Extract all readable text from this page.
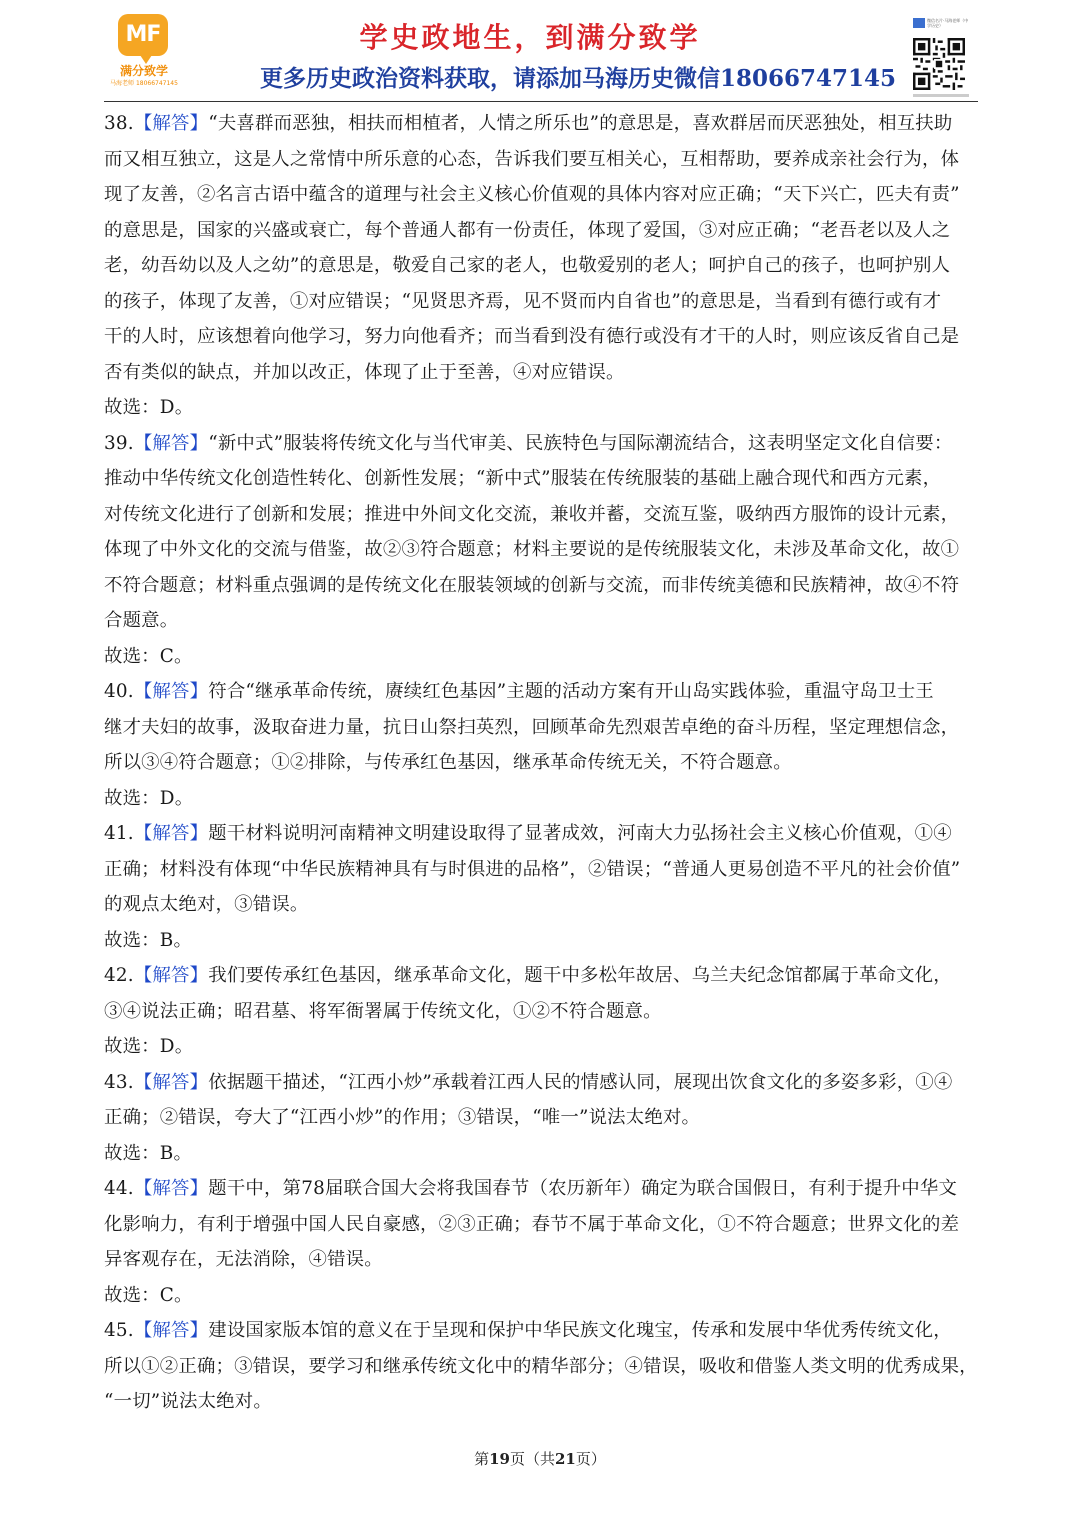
MF
满分致学
马海老师 18066747145
学史政地生，到满分致学
更多历史政治资料获取，请添加马海历史微信18066747145
微信名片·马海老师（中学历史）
38.【解答】“夫喜群而恶独，相扶而相植者，人情之所乐也”的意思是，喜欢群居而厌恶独处，相互扶助
而又相互独立，这是人之常情中所乐意的心态，告诉我们要互相关心，互相帮助，要养成亲社会行为，体
现了友善，②名言古语中蕴含的道理与社会主义核心价值观的具体内容对应正确；“天下兴亡，匹夫有责”
的意思是，国家的兴盛或衰亡，每个普通人都有一份责任，体现了爱国，③对应正确；“老吾老以及人之
老，幼吾幼以及人之幼”的意思是，敬爱自己家的老人，也敬爱别的老人；呵护自己的孩子，也呵护别人
的孩子，体现了友善，①对应错误；“见贤思齐焉，见不贤而内自省也”的意思是，当看到有德行或有才
干的人时，应该想着向他学习，努力向他看齐；而当看到没有德行或没有才干的人时，则应该反省自己是
否有类似的缺点，并加以改正，体现了止于至善，④对应错误。
故选：D。
39.【解答】“新中式”服装将传统文化与当代审美、民族特色与国际潮流结合，这表明坚定文化自信要：
推动中华传统文化创造性转化、创新性发展；“新中式”服装在传统服装的基础上融合现代和西方元素，
对传统文化进行了创新和发展；推进中外间文化交流，兼收并蓄，交流互鉴，吸纳西方服饰的设计元素，
体现了中外文化的交流与借鉴，故②③符合题意；材料主要说的是传统服装文化，未涉及革命文化，故①
不符合题意；材料重点强调的是传统文化在服装领域的创新与交流，而非传统美德和民族精神，故④不符
合题意。
故选：C。
40.【解答】符合“继承革命传统，赓续红色基因”主题的活动方案有开山岛实践体验，重温守岛卫士王
继才夫妇的故事，汲取奋进力量，抗日山祭扫英烈，回顾革命先烈艰苦卓绝的奋斗历程，坚定理想信念，
所以③④符合题意；①②排除，与传承红色基因，继承革命传统无关，不符合题意。
故选：D。
41.【解答】题干材料说明河南精神文明建设取得了显著成效，河南大力弘扬社会主义核心价值观，①④
正确；材料没有体现“中华民族精神具有与时俱进的品格”，②错误；“普通人更易创造不平凡的社会价值”
的观点太绝对，③错误。
故选：B。
42.【解答】我们要传承红色基因，继承革命文化，题干中多松年故居、乌兰夫纪念馆都属于革命文化，
③④说法正确；昭君墓、将军衙署属于传统文化，①②不符合题意。
故选：D。
43.【解答】依据题干描述，“江西小炒”承载着江西人民的情感认同，展现出饮食文化的多姿多彩，①④
正确；②错误，夸大了“江西小炒”的作用；③错误，“唯一”说法太绝对。
故选：B。
44.【解答】题干中，第78届联合国大会将我国春节（农历新年）确定为联合国假日，有利于提升中华文
化影响力，有利于增强中国人民自豪感，②③正确；春节不属于革命文化，①不符合题意；世界文化的差
异客观存在，无法消除，④错误。
故选：C。
45.【解答】建设国家版本馆的意义在于呈现和保护中华民族文化瑰宝，传承和发展中华优秀传统文化，
所以①②正确；③错误，要学习和继承传统文化中的精华部分；④错误，吸收和借鉴人类文明的优秀成果，
“一切”说法太绝对。
第19页（共21页）
